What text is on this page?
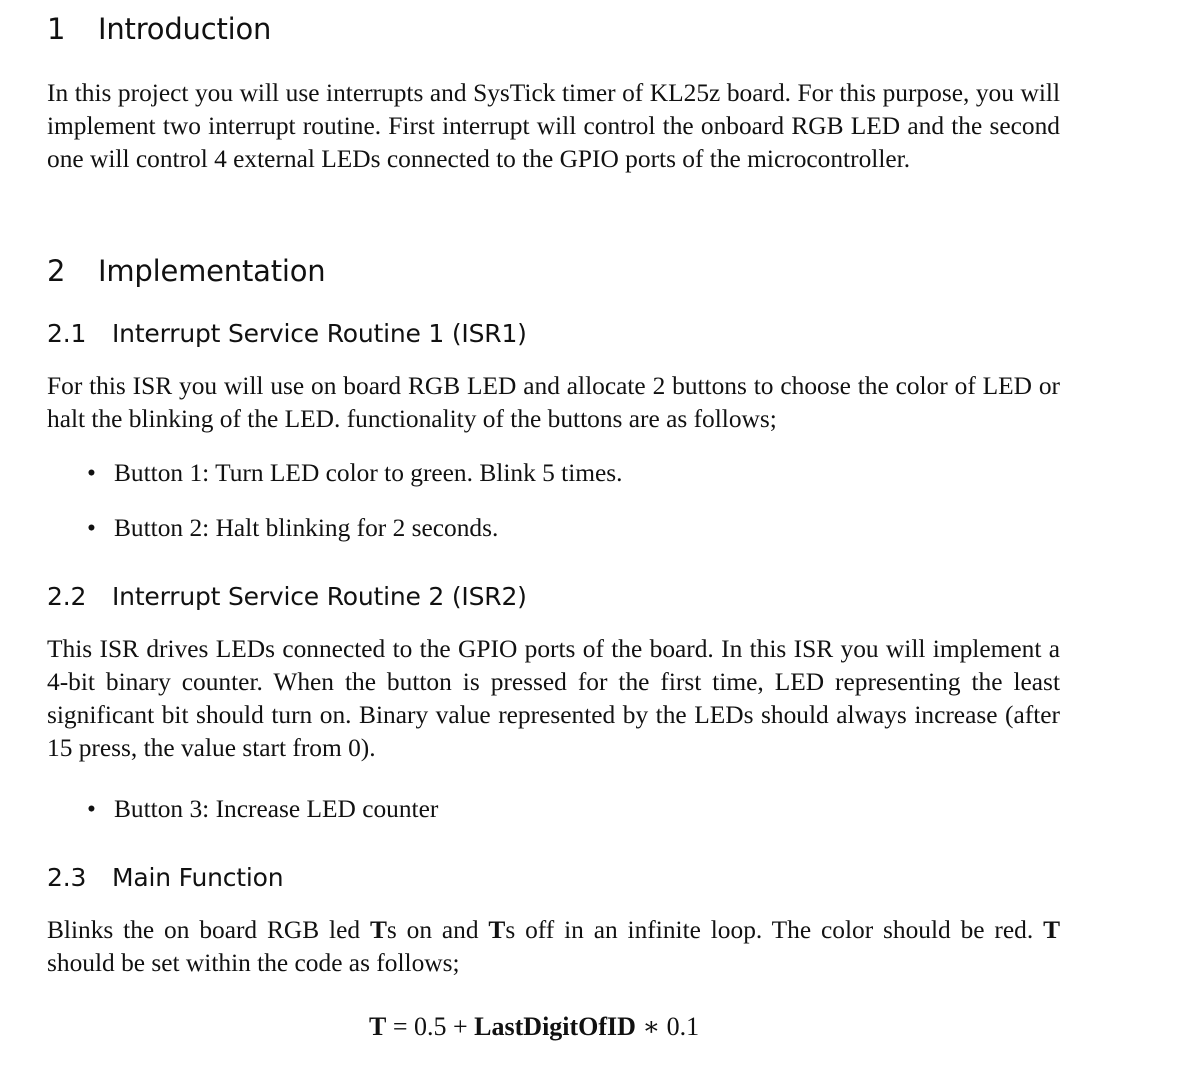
1 Introduction

In this project you will use interrupts and SysTick timer of KL25z board. For this purpose, you will implement two interrupt routine. First interrupt will control the onboard RGB LED and the second one will control 4 external LEDs connected to the GPIO ports of the microcontroller.

2 Implementation
2.1 Interrupt Service Routine 1 (ISR1)

For this ISR you will use on board RGB LED and allocate 2 buttons to choose the color of LED or halt the blinking of the LED. functionality of the buttons are as follows;

• Button 1: Turn LED color to green. Blink 5 times.
• Button 2: Halt blinking for 2 seconds.
2.2 Interrupt Service Routine 2 (ISR2)

This ISR drives LEDs connected to the GPIO ports of the board. In this ISR you will implement a 4-bit binary counter. When the button is pressed for the first time, LED representing the least significant bit should turn on. Binary value represented by the LEDs should always increase (after 15 press, the value start from 0).

• Button 3: Increase LED counter
2.3 Main Function

Blinks the on board RGB led Ts on and Ts off in an infinite loop. The color should be red. T should be set within the code as follows;

T = 0.5 + LastDigitOfID ∗ 0.1
